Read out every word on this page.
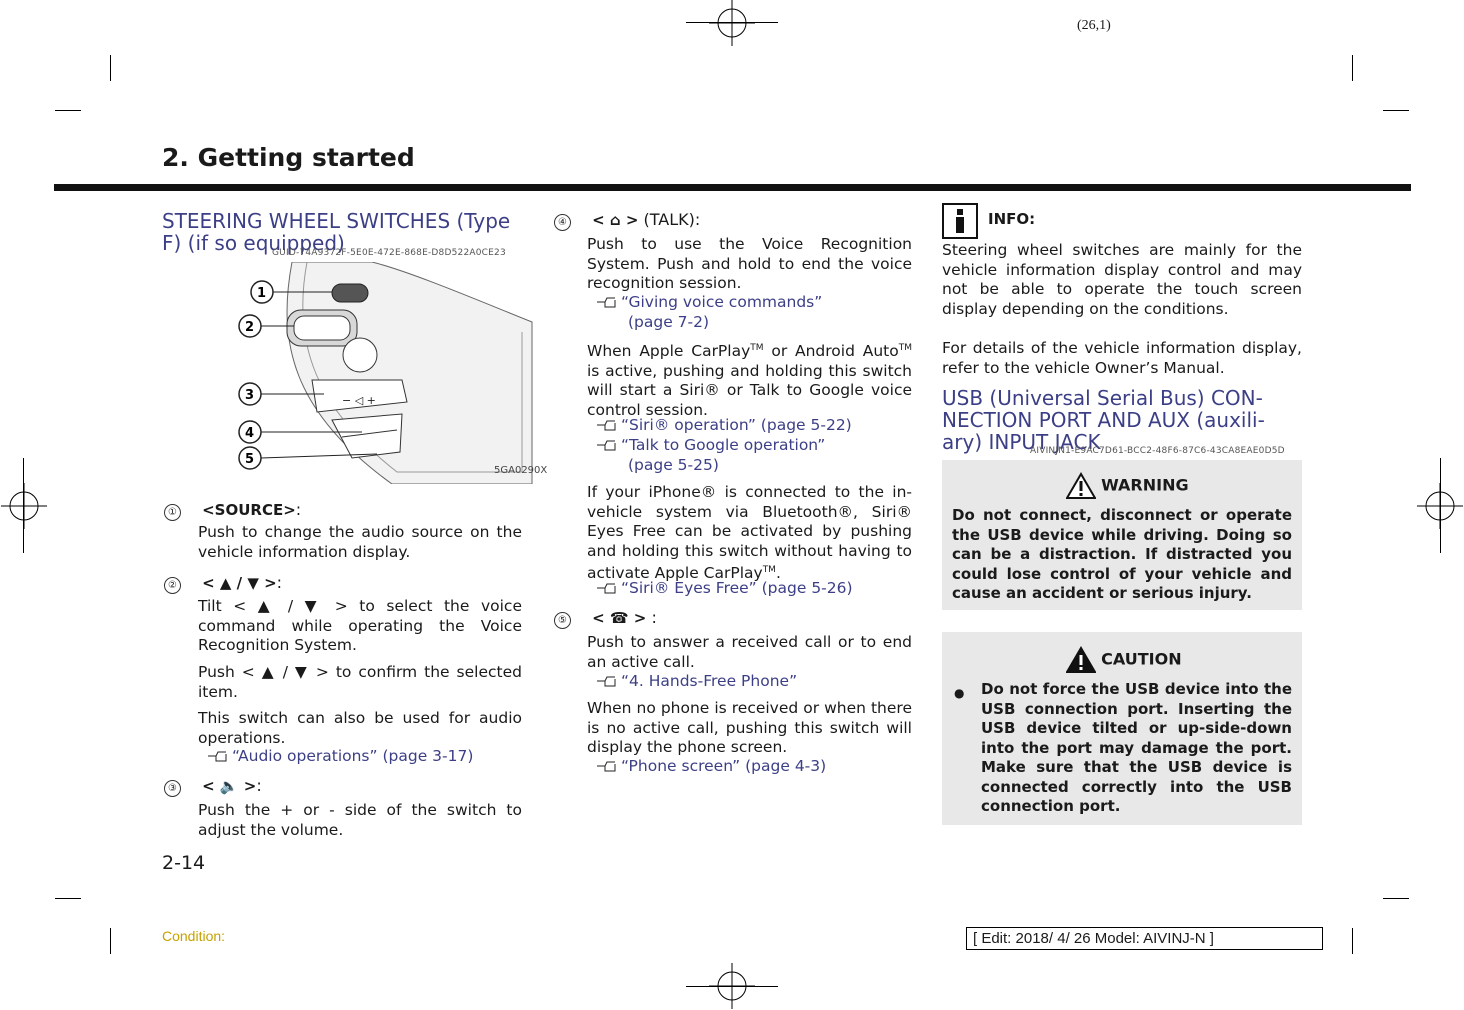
(26,1)
2. Getting started
STEERING WHEEL SWITCHES (Type
F) (if so equipped)
GUID-74A9372F-5E0E-472E-868E-D8D522A0CE23
− ◁ +
1
2
3
4
5
5GA0290X
① <SOURCE>:
Push to change the audio source on the vehicle information display.
② < ▲ / ▼ >:
Tilt < ▲ / ▼ > to select the voice command while operating the Voice Recognition System.
Push < ▲ / ▼ > to confirm the selected item.
This switch can also be used for audio operations.
“Audio operations” (page 3-17)
③ < 🔈 >:
Push the + or - side of the switch to adjust the volume.
2-14
Condition:
④ < ⌂ > (TALK):
Push to use the Voice Recognition System. Push and hold to end the voice recognition session.
“Giving voice commands”
(page 7-2)
When Apple CarPlay™ or Android Auto™ is active, pushing and holding this switch will start a Siri® or Talk to Google voice control session.
“Siri® operation” (page 5-22)
“Talk to Google operation”
(page 5-25)
If your iPhone® is connected to the in-vehicle system via Bluetooth®, Siri® Eyes Free can be activated by pushing and holding this switch without having to activate Apple CarPlay™.
“Siri® Eyes Free” (page 5-26)
⑤ < ☎ > :
Push to answer a received call or to end an active call.
“4. Hands-Free Phone”
When no phone is received or when there is no active call, pushing this switch will display the phone screen.
“Phone screen” (page 4-3)
INFO:
Steering wheel switches are mainly for the vehicle information display control and may not be able to operate the touch screen display depending on the conditions.
For details of the vehicle information display, refer to the vehicle Owner’s Manual.
USB (Universal Serial Bus) CON-
NECTION PORT AND AUX (auxili-
ary) INPUT JACK
AIVINJN1-E9AC7D61-BCC2-48F6-87C6-43CA8EAE0D5D
WARNING
Do not connect, disconnect or operate the USB device while driving. Doing so can be a distraction. If distracted you could lose control of your vehicle and cause an accident or serious injury.
CAUTION
● Do not force the USB device into the USB connection port. Inserting the USB device tilted or up-side-down into the port may damage the port. Make sure that the USB device is connected correctly into the USB connection port.
[ Edit: 2018/ 4/ 26 Model: AIVINJ-N ]
